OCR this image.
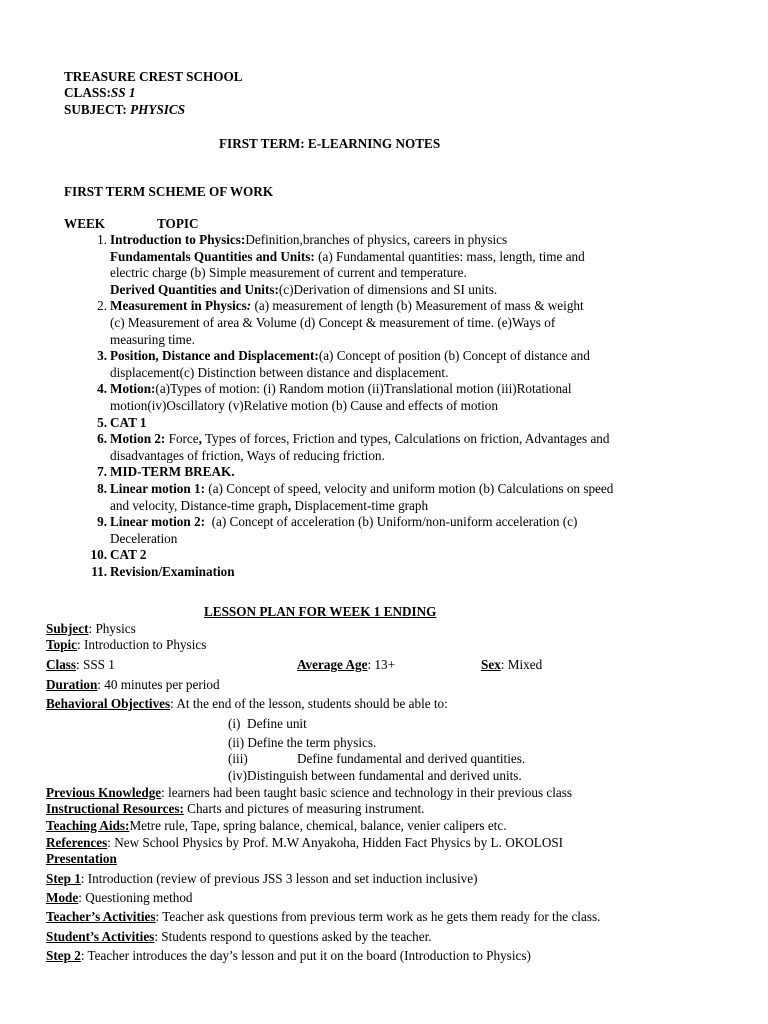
TREASURE CREST SCHOOL
CLASS:SS 1
SUBJECT: PHYSICS
FIRST TERM: E-LEARNING NOTES
FIRST TERM SCHEME OF WORK
WEEK	TOPIC
1. Introduction to Physics:Definition,branches of physics, careers in physics
Fundamentals Quantities and Units: (a) Fundamental quantities: mass, length, time and
electric charge (b) Simple measurement of current and temperature.
Derived Quantities and Units:(c)Derivation of dimensions and SI units.
2. Measurement in Physics: (a) measurement of length (b) Measurement of mass & weight
(c) Measurement of area & Volume (d) Concept & measurement of time. (e)Ways of
measuring time.
3. Position, Distance and Displacement:(a) Concept of position (b) Concept of distance and
displacement(c) Distinction between distance and displacement.
4. Motion:(a)Types of motion: (i) Random motion (ii)Translational motion (iii)Rotational
motion(iv)Oscillatory (v)Relative motion (b) Cause and effects of motion
5. CAT 1
6. Motion 2: Force, Types of forces, Friction and types, Calculations on friction, Advantages and
disadvantages of friction, Ways of reducing friction.
7. MID-TERM BREAK.
8. Linear motion 1: (a) Concept of speed, velocity and uniform motion (b) Calculations on speed
and velocity, Distance-time graph, Displacement-time graph
9. Linear motion 2:  (a) Concept of acceleration (b) Uniform/non-uniform acceleration (c)
Deceleration
10. CAT 2
11. Revision/Examination
LESSON PLAN FOR WEEK 1 ENDING
Subject: Physics
Topic: Introduction to Physics
Class: SSS 1	Average Age: 13+	Sex: Mixed
Duration: 40 minutes per period
Behavioral Objectives: At the end of the lesson, students should be able to:
(i) Define unit
(ii) Define the term physics.
(iii)	Define fundamental and derived quantities.
(iv)Distinguish between fundamental and derived units.
Previous Knowledge: learners had been taught basic science and technology in their previous class
Instructional Resources: Charts and pictures of measuring instrument.
Teaching Aids:Metre rule, Tape, spring balance, chemical, balance, venier calipers etc.
References: New School Physics by Prof. M.W Anyakoha, Hidden Fact Physics by L. OKOLOSI
Presentation
Step 1: Introduction (review of previous JSS 3 lesson and set induction inclusive)
Mode: Questioning method
Teacher’s Activities: Teacher ask questions from previous term work as he gets them ready for the class.
Student’s Activities: Students respond to questions asked by the teacher.
Step 2: Teacher introduces the day’s lesson and put it on the board (Introduction to Physics)
